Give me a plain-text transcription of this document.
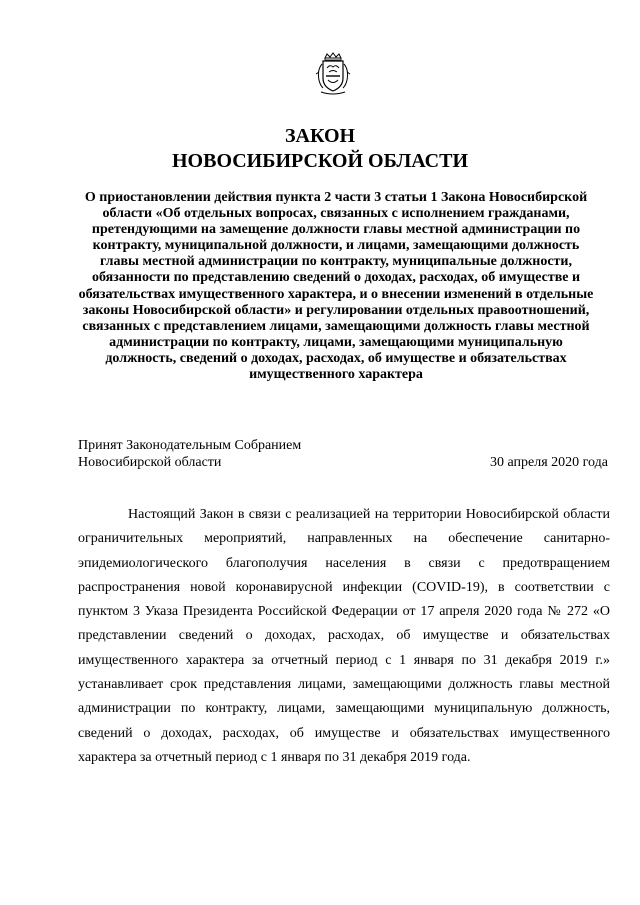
ЗАКОН
НОВОСИБИРСКОЙ ОБЛАСТИ
О приостановлении действия пункта 2 части 3 статьи 1 Закона Новосибирской области «Об отдельных вопросах, связанных с исполнением гражданами, претендующими на замещение должности главы местной администрации по контракту, муниципальной должности, и лицами, замещающими должность главы местной администрации по контракту, муниципальные должности, обязанности по представлению сведений о доходах, расходах, об имуществе и обязательствах имущественного характера, и о внесении изменений в отдельные законы Новосибирской области» и регулировании отдельных правоотношений, связанных с представлением лицами, замещающими должность главы местной администрации по контракту, лицами, замещающими муниципальную должность, сведений о доходах, расходах, об имуществе и обязательствах имущественного характера
Принят Законодательным Собранием
Новосибирской области	30 апреля 2020 года

Настоящий Закон в связи с реализацией на территории Новосибирской области ограничительных мероприятий, направленных на обеспечение санитарно-эпидемиологического благополучия населения в связи с предотвращением распространения новой коронавирусной инфекции (COVID-19), в соответствии с пунктом 3 Указа Президента Российской Федерации от 17 апреля 2020 года № 272 «О представлении сведений о доходах, расходах, об имуществе и обязательствах имущественного характера за отчетный период с 1 января по 31 декабря 2019 г.» устанавливает срок представления лицами, замещающими должность главы местной администрации по контракту, лицами, замещающими муниципальную должность, сведений о доходах, расходах, об имуществе и обязательствах имущественного характера за отчетный период с 1 января по 31 декабря 2019 года.
